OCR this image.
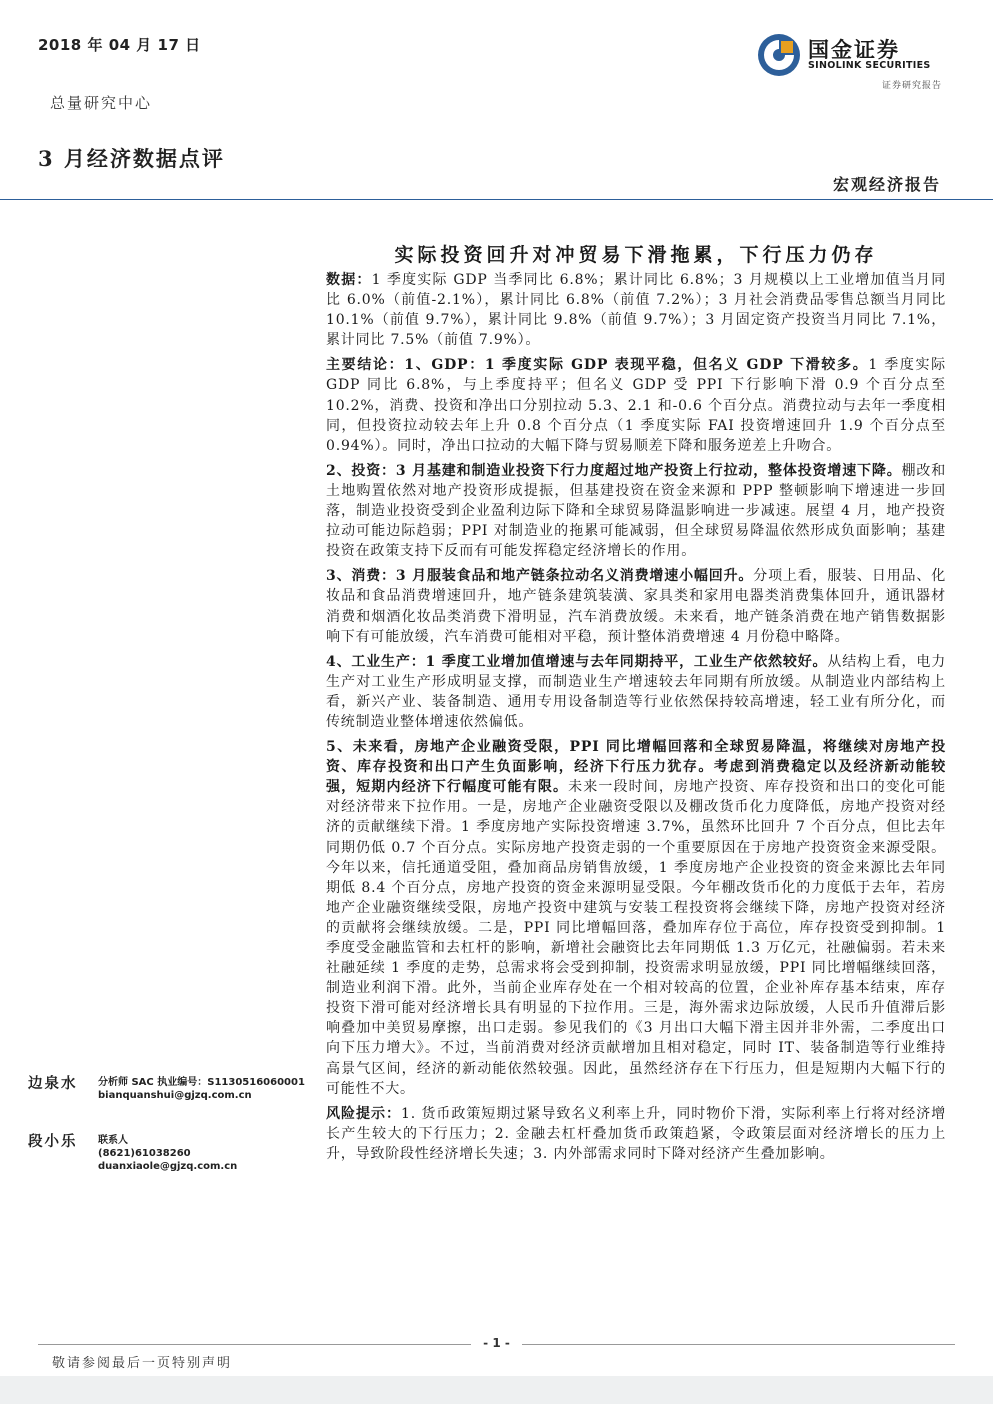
2018 年 04 月 17 日
总量研究中心
3 月经济数据点评
国金证券
SINOLINK SECURITIES
证券研究报告
宏观经济报告
实际投资回升对冲贸易下滑拖累，下行压力仍存

数据：1 季度实际 GDP 当季同比 6.8%；累计同比 6.8%；3 月规模以上工业增加值当月同比 6.0%（前值-2.1%），累计同比 6.8%（前值 7.2%）；3 月社会消费品零售总额当月同比 10.1%（前值 9.7%），累计同比 9.8%（前值 9.7%）；3 月固定资产投资当月同比 7.1%，累计同比 7.5%（前值 7.9%）。

主要结论：1、GDP：1 季度实际 GDP 表现平稳，但名义 GDP 下滑较多。1 季度实际 GDP 同比 6.8%，与上季度持平；但名义 GDP 受 PPI 下行影响下滑 0.9 个百分点至 10.2%，消费、投资和净出口分别拉动 5.3、2.1 和-0.6 个百分点。消费拉动与去年一季度相同，但投资拉动较去年上升 0.8 个百分点（1 季度实际 FAI 投资增速回升 1.9 个百分点至 0.94%）。同时，净出口拉动的大幅下降与贸易顺差下降和服务逆差上升吻合。

2、投资：3 月基建和制造业投资下行力度超过地产投资上行拉动，整体投资增速下降。棚改和土地购置依然对地产投资形成提振，但基建投资在资金来源和 PPP 整顿影响下增速进一步回落，制造业投资受到企业盈利边际下降和全球贸易降温影响进一步减速。展望 4 月，地产投资拉动可能边际趋弱；PPI 对制造业的拖累可能减弱，但全球贸易降温依然形成负面影响；基建投资在政策支持下反而有可能发挥稳定经济增长的作用。

3、消费：3 月服装食品和地产链条拉动名义消费增速小幅回升。分项上看，服装、日用品、化妆品和食品消费增速回升，地产链条建筑装潢、家具类和家用电器类消费集体回升，通讯器材消费和烟酒化妆品类消费下滑明显，汽车消费放缓。未来看，地产链条消费在地产销售数据影响下有可能放缓，汽车消费可能相对平稳，预计整体消费增速 4 月份稳中略降。

4、工业生产：1 季度工业增加值增速与去年同期持平，工业生产依然较好。从结构上看，电力生产对工业生产形成明显支撑，而制造业生产增速较去年同期有所放缓。从制造业内部结构上看，新兴产业、装备制造、通用专用设备制造等行业依然保持较高增速，轻工业有所分化，而传统制造业整体增速依然偏低。

5、未来看，房地产企业融资受限，PPI 同比增幅回落和全球贸易降温，将继续对房地产投资、库存投资和出口产生负面影响，经济下行压力犹存。考虑到消费稳定以及经济新动能较强，短期内经济下行幅度可能有限。未来一段时间，房地产投资、库存投资和出口的变化可能对经济带来下拉作用。一是，房地产企业融资受限以及棚改货币化力度降低，房地产投资对经济的贡献继续下滑。1 季度房地产实际投资增速 3.7%，虽然环比回升 7 个百分点，但比去年同期仍低 0.7 个百分点。实际房地产投资走弱的一个重要原因在于房地产投资资金来源受限。今年以来，信托通道受阻，叠加商品房销售放缓，1 季度房地产企业投资的资金来源比去年同期低 8.4 个百分点，房地产投资的资金来源明显受限。今年棚改货币化的力度低于去年，若房地产企业融资继续受限，房地产投资中建筑与安装工程投资将会继续下降，房地产投资对经济的贡献将会继续放缓。二是，PPI 同比增幅回落，叠加库存位于高位，库存投资受到抑制。1 季度受金融监管和去杠杆的影响，新增社会融资比去年同期低 1.3 万亿元，社融偏弱。若未来社融延续 1 季度的走势，总需求将会受到抑制，投资需求明显放缓，PPI 同比增幅继续回落，制造业利润下滑。此外，当前企业库存处在一个相对较高的位置，企业补库存基本结束，库存投资下滑可能对经济增长具有明显的下拉作用。三是，海外需求边际放缓，人民币升值滞后影响叠加中美贸易摩擦，出口走弱。参见我们的《3 月出口大幅下滑主因并非外需，二季度出口向下压力增大》。不过，当前消费对经济贡献增加且相对稳定，同时 IT、装备制造等行业维持高景气区间，经济的新动能依然较强。因此，虽然经济存在下行压力，但是短期内大幅下行的可能性不大。

风险提示：1. 货币政策短期过紧导致名义利率上升，同时物价下滑，实际利率上行将对经济增长产生较大的下行压力；2. 金融去杠杆叠加货币政策趋紧，令政策层面对经济增长的压力上升，导致阶段性经济增长失速；3. 内外部需求同时下降对经济产生叠加影响。

边泉水 分析师 SAC 执业编号：S1130516060001
bianquanshui@gjzq.com.cn
段小乐 联系人
(8621)61038260
duanxiaole@gjzq.com.cn
- 1 -
敬请参阅最后一页特别声明
